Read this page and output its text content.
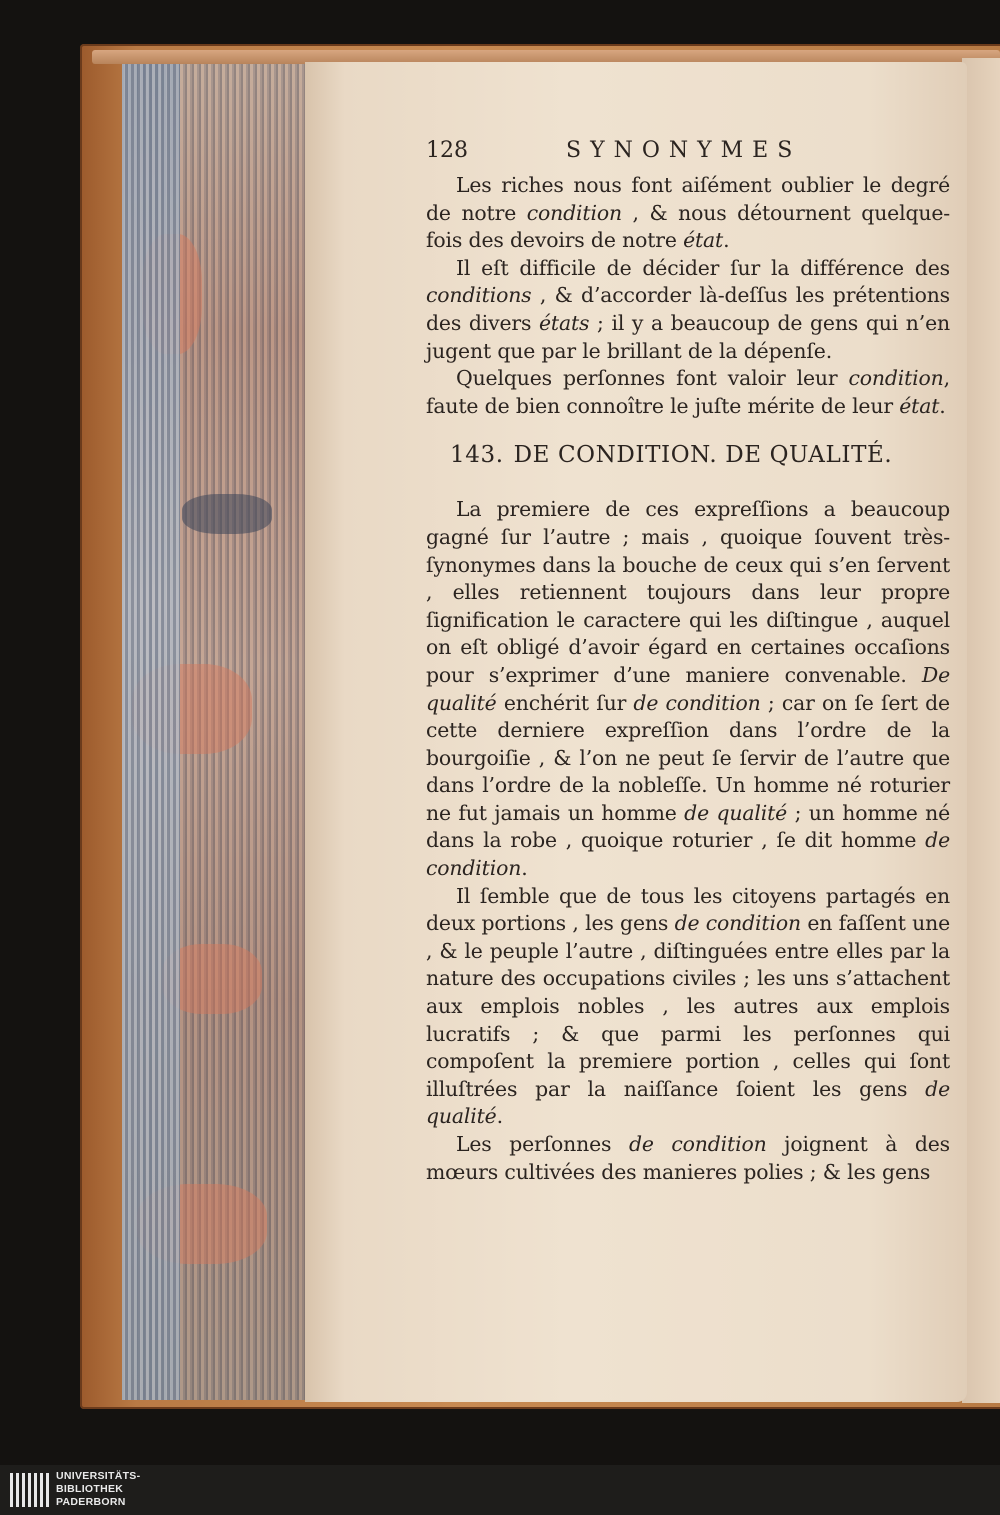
128	SYNONYMES

Les riches nous font aiſément oublier le degré de notre condition , & nous détournent quelque-fois des devoirs de notre état.

Il eſt difficile de décider ſur la différence des conditions , & d’accorder là-deſſus les prétentions des divers états ; il y a beaucoup de gens qui n’en jugent que par le brillant de la dépenſe.

Quelques perſonnes font valoir leur condition, faute de bien connoître le juſte mérite de leur état.

143. DE CONDITION. DE QUALITÉ.

La premiere de ces expreſſions a beaucoup gagné ſur l’autre ; mais , quoique ſouvent très-ſynonymes dans la bouche de ceux qui s’en ſervent , elles retiennent toujours dans leur propre ſignification le caractere qui les diſtingue , auquel on eſt obligé d’avoir égard en certaines occaſions pour s’exprimer d’une maniere convenable. De qualité enchérit ſur de condition ; car on ſe ſert de cette derniere expreſſion dans l’ordre de la bourgoiſie , & l’on ne peut ſe ſervir de l’autre que dans l’ordre de la nobleſſe. Un homme né roturier ne fut jamais un homme de qualité ; un homme né dans la robe , quoique roturier , ſe dit homme de condition.

Il ſemble que de tous les citoyens partagés en deux portions , les gens de condition en faſſent une , & le peuple l’autre , diſtinguées entre elles par la nature des occupations civiles ; les uns s’attachent aux emplois nobles , les autres aux emplois lucratifs ; & que parmi les perſonnes qui compoſent la premiere portion , celles qui ſont illuſtrées par la naiſſance ſoient les gens de qualité.

Les perſonnes de condition joignent à des mœurs cultivées des manieres polies ; & les gens

UNIVERSITÄTS-
BIBLIOTHEK
PADERBORN
